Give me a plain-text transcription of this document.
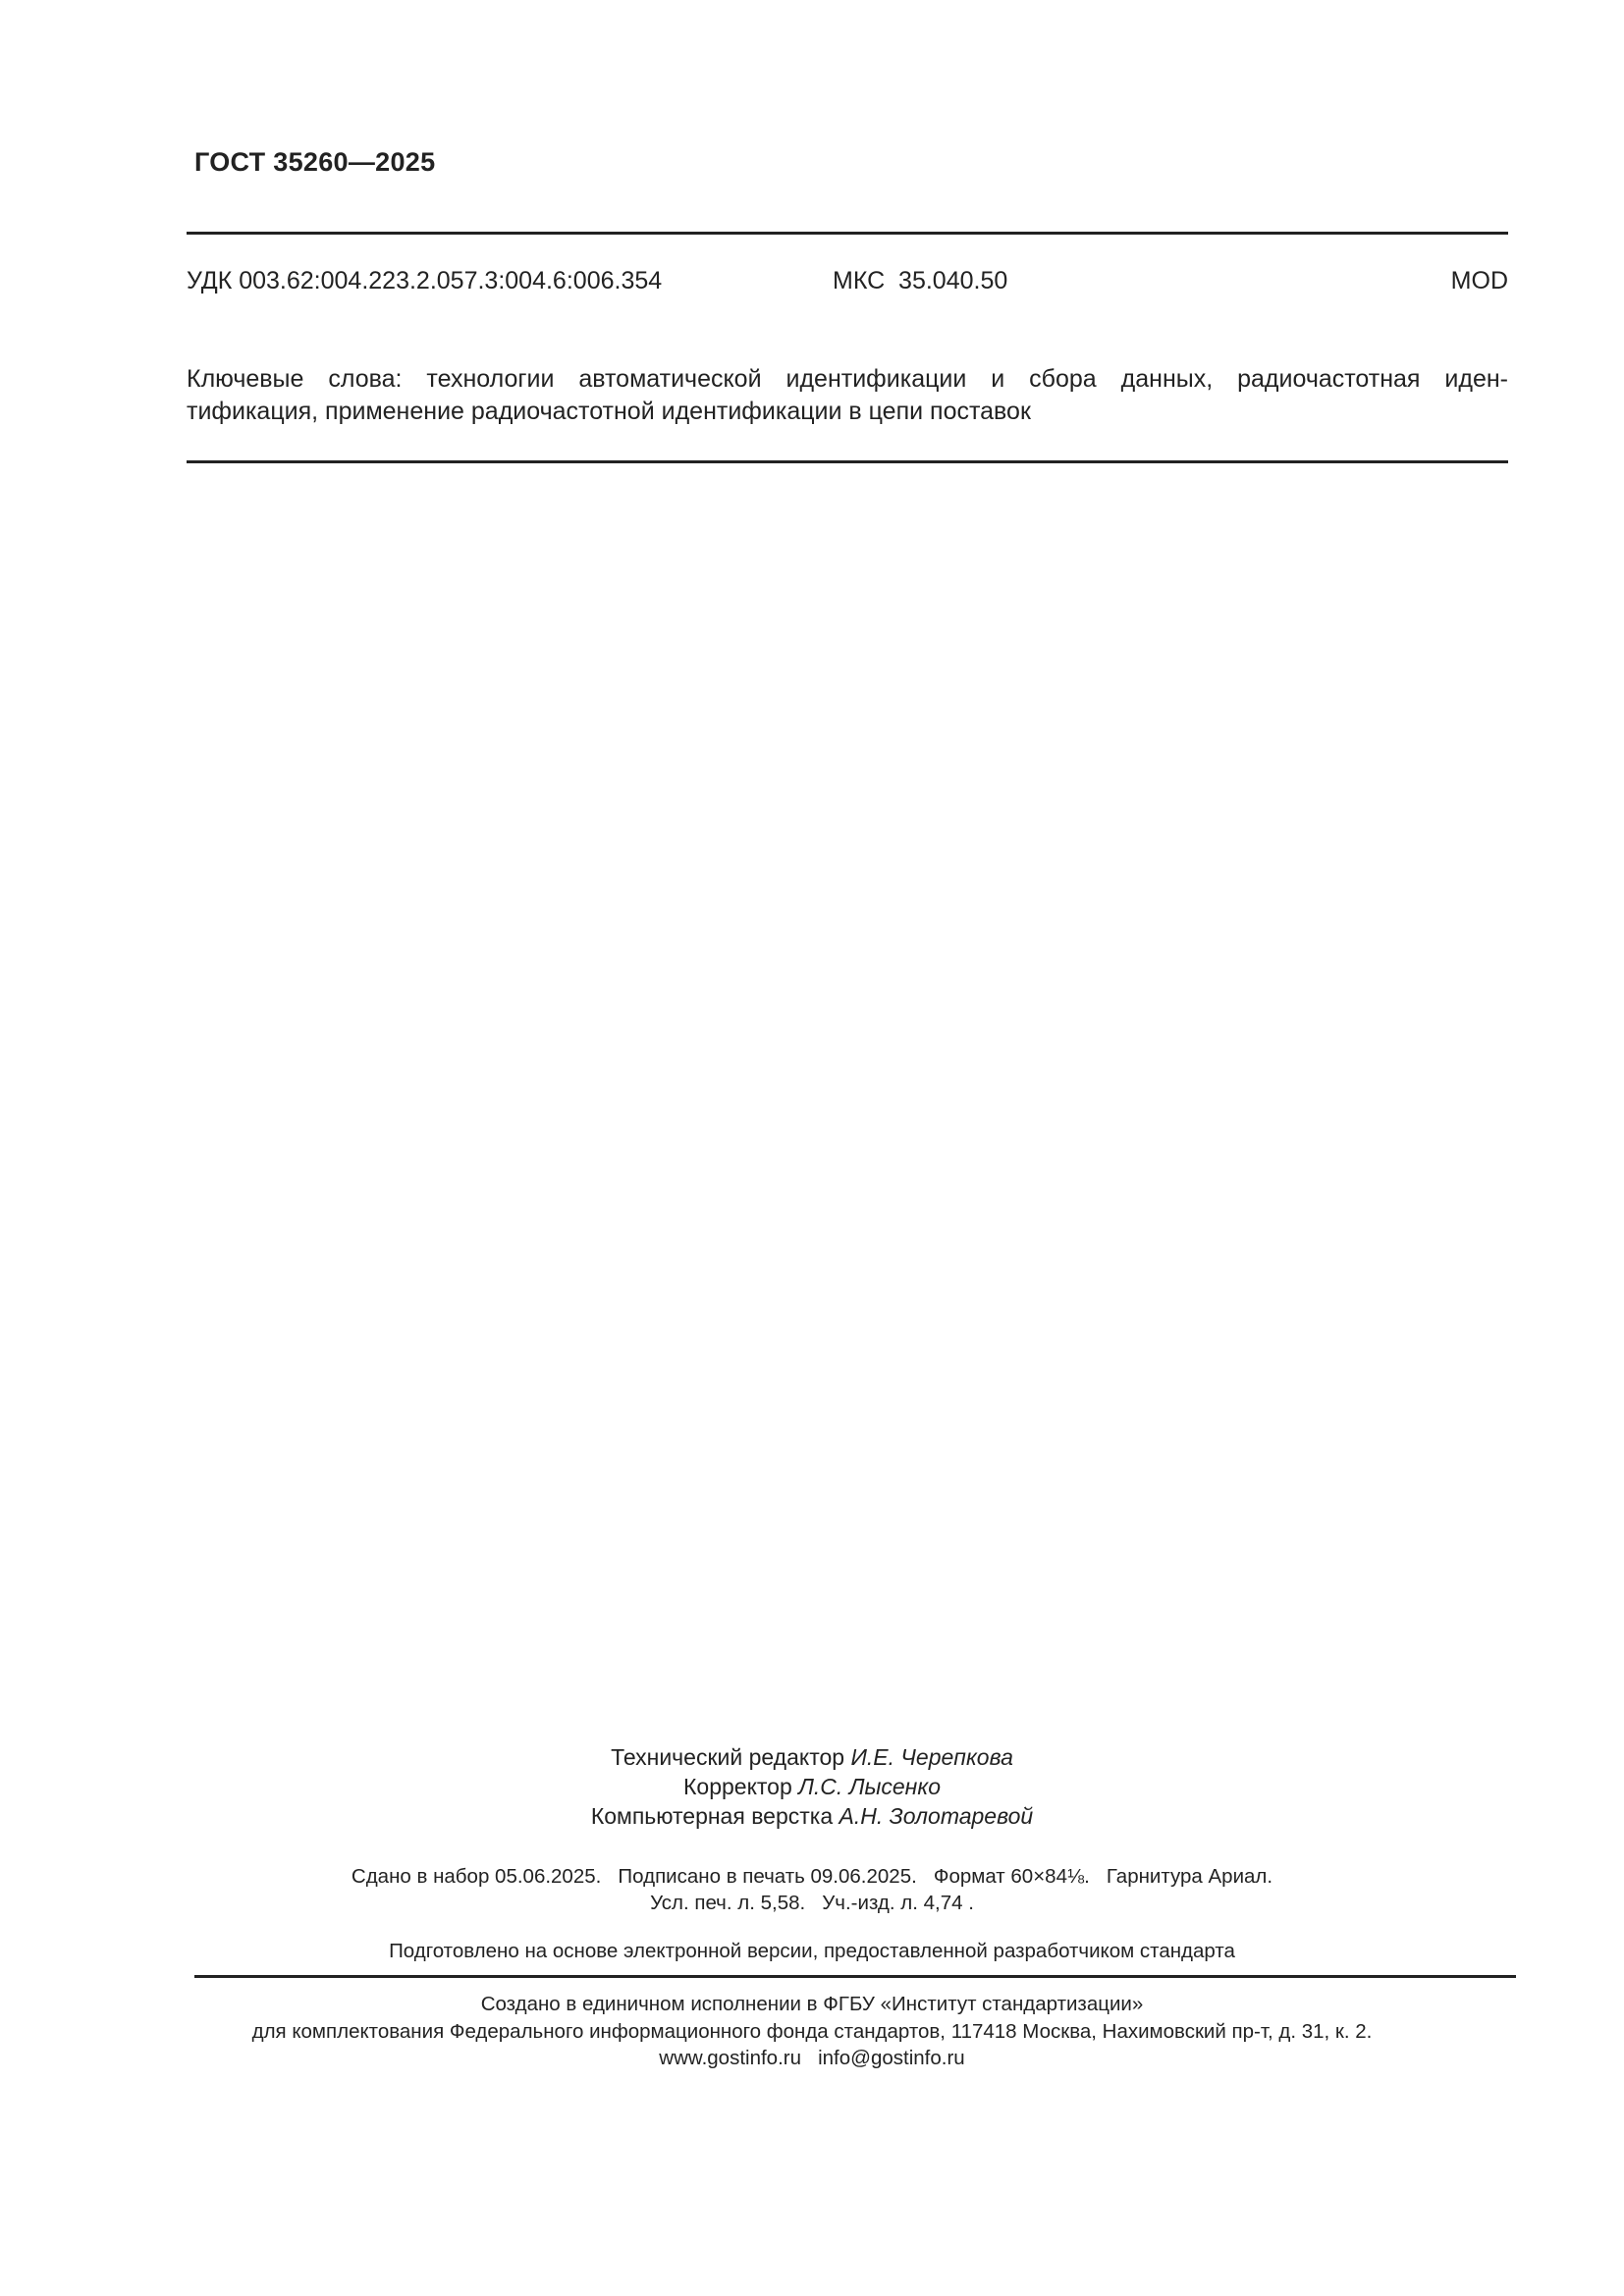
ГОСТ 35260—2025
УДК 003.62:004.223.2.057.3:004.6:006.354	МКС  35.040.50	MOD
Ключевые слова: технологии автоматической идентификации и сбора данных, радиочастотная иден-
тификация, применение радиочастотной идентификации в цепи поставок
Технический редактор И.Е. Черепкова
Корректор Л.С. Лысенко
Компьютерная верстка А.Н. Золотаревой
Сдано в набор 05.06.2025.   Подписано в печать 09.06.2025.   Формат 60×84⅛.   Гарнитура Ариал.
Усл. печ. л. 5,58.   Уч.-изд. л. 4,74 .
Подготовлено на основе электронной версии, предоставленной разработчиком стандарта
Создано в единичном исполнении в ФГБУ «Институт стандартизации»
для комплектования Федерального информационного фонда стандартов, 117418 Москва, Нахимовский пр-т, д. 31, к. 2.
www.gostinfo.ru info@gostinfo.ru
